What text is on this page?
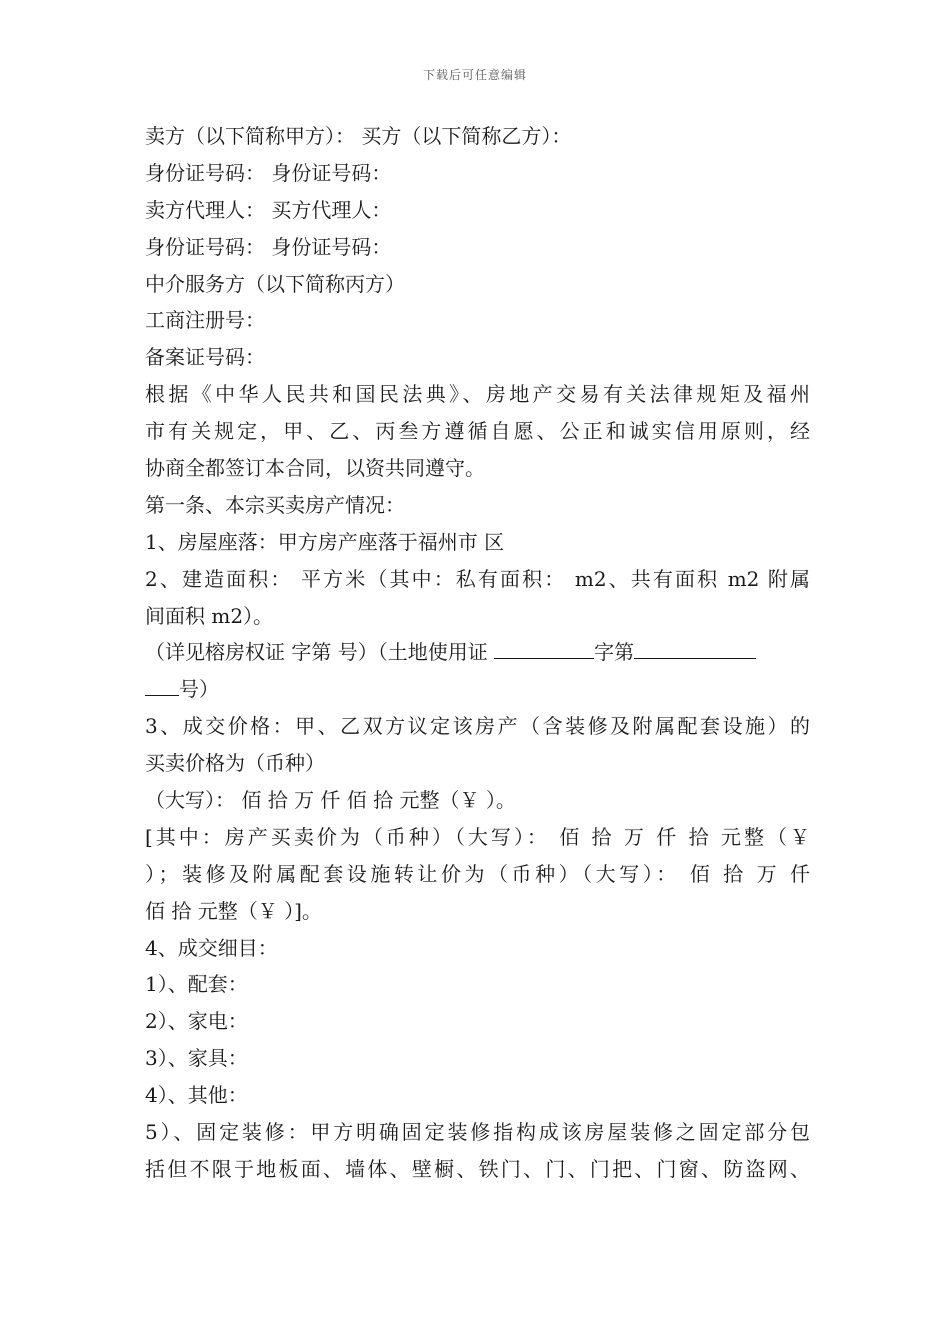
下载后可任意编辑
卖方（以下简称甲方）： 买方（以下简称乙方）：
身份证号码： 身份证号码：
卖方代理人： 买方代理人：
身份证号码： 身份证号码：
中介服务方（以下简称丙方）
工商注册号：
备案证号码：
根据《中华人民共和国民法典》、房地产交易有关法律规矩及福州
市有关规定，甲、乙、丙叁方遵循自愿、公正和诚实信用原则，经
协商全都签订本合同，以资共同遵守。
第一条、本宗买卖房产情况：
1、房屋座落：甲方房产座落于福州市 区
2、建造面积： 平方米（其中：私有面积： m2、共有面积 m2 附属
间面积 m2）。
（详见榕房权证 字第 号）（土地使用证	字第
号）
3、成交价格：甲、乙双方议定该房产（含装修及附属配套设施）的
买卖价格为（币种）
（大写）： 佰 拾 万 仟 佰 拾 元整（￥ ）。
[其中：房产买卖价为（币种）（大写）： 佰 拾 万 仟 拾 元整（￥
）；装修及附属配套设施转让价为（币种）（大写）： 佰 拾 万 仟
佰 拾 元整（￥ ）]。
4、成交细目：
1）、配套：
2）、家电：
3）、家具：
4）、其他：
5）、固定装修：甲方明确固定装修指构成该房屋装修之固定部分包
括但不限于地板面、墙体、壁橱、铁门、门、门把、门窗、防盗网、
